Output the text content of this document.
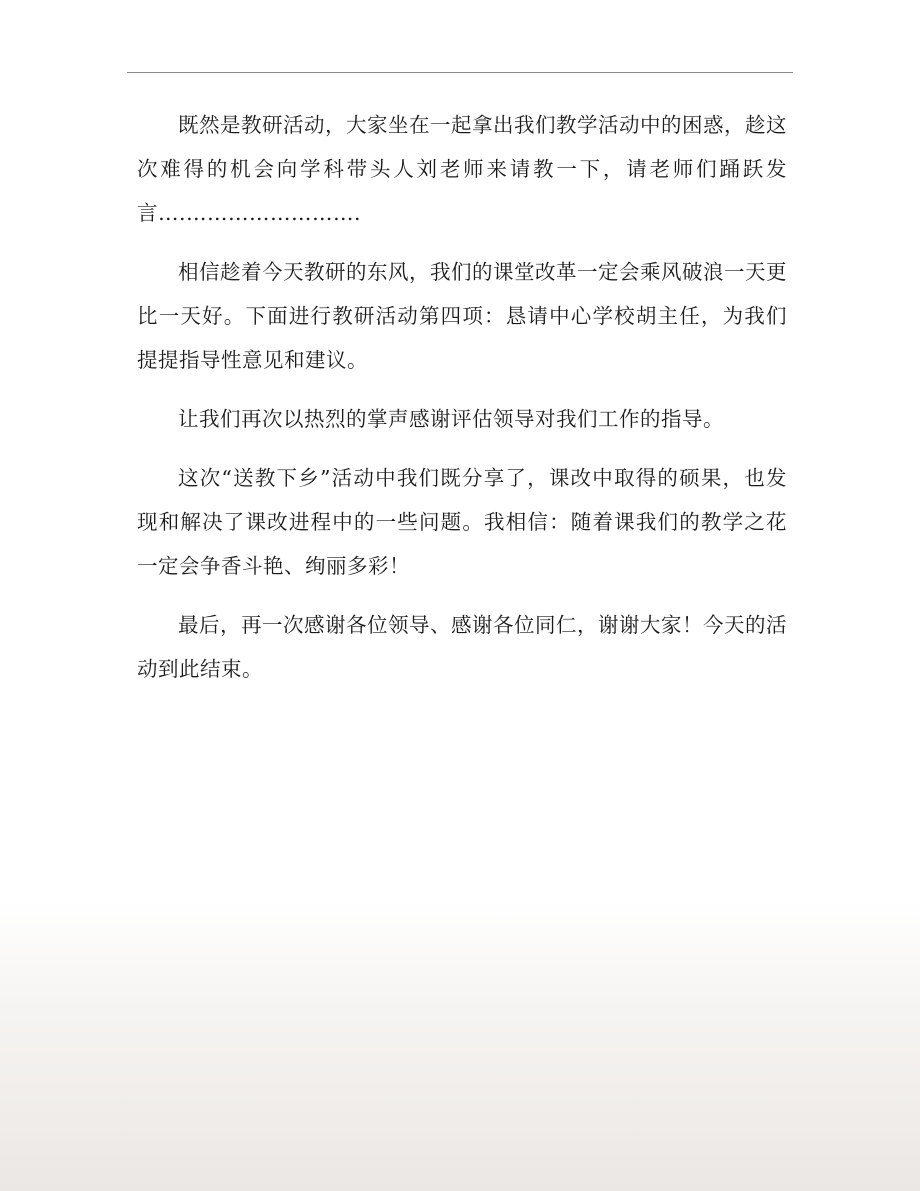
既然是教研活动，大家坐在一起拿出我们教学活动中的困惑，趁这次难得的机会向学科带头人刘老师来请教一下，请老师们踊跃发言….…………………….

相信趁着今天教研的东风，我们的课堂改革一定会乘风破浪一天更比一天好。下面进行教研活动第四项：恳请中心学校胡主任，为我们提提指导性意见和建议。

让我们再次以热烈的掌声感谢评估领导对我们工作的指导。

这次“送教下乡”活动中我们既分享了，课改中取得的硕果，也发现和解决了课改进程中的一些问题。我相信：随着课我们的教学之花一定会争香斗艳、绚丽多彩！

最后，再一次感谢各位领导、感谢各位同仁，谢谢大家！今天的活动到此结束。
